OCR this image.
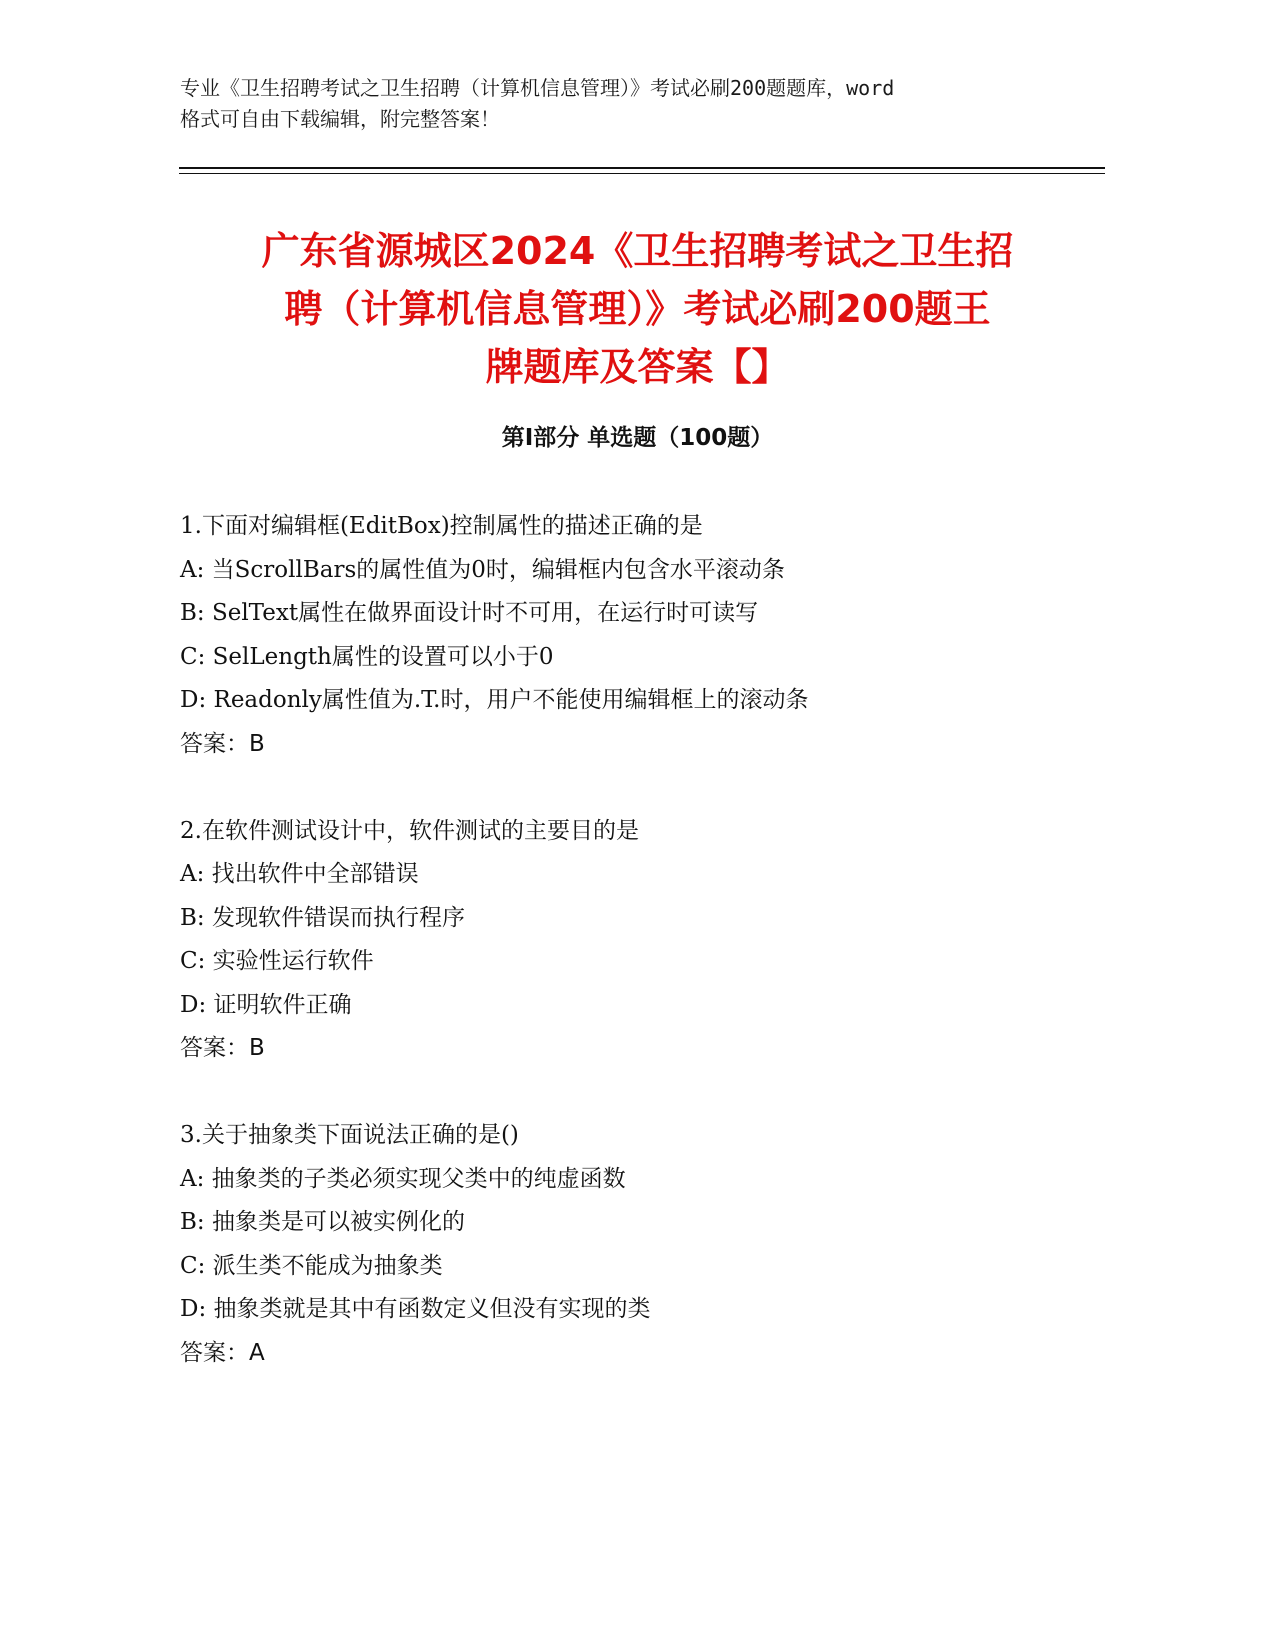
专业《卫生招聘考试之卫生招聘（计算机信息管理）》考试必刷200题题库，word
格式可自由下载编辑，附完整答案！
广东省源城区2024《卫生招聘考试之卫生招
聘（计算机信息管理）》考试必刷200题王
牌题库及答案【】
第Ⅰ部分 单选题（100题）
1.下面对编辑框(EditBox)控制属性的描述正确的是
A: 当ScrollBars的属性值为0时，编辑框内包含水平滚动条
B: SelText属性在做界面设计时不可用，在运行时可读写
C: SelLength属性的设置可以小于0
D: Readonly属性值为.T.时，用户不能使用编辑框上的滚动条
答案：B
2.在软件测试设计中，软件测试的主要目的是
A: 找出软件中全部错误
B: 发现软件错误而执行程序
C: 实验性运行软件
D: 证明软件正确
答案：B
3.关于抽象类下面说法正确的是()
A: 抽象类的子类必须实现父类中的纯虚函数
B: 抽象类是可以被实例化的
C: 派生类不能成为抽象类
D: 抽象类就是其中有函数定义但没有实现的类
答案：A
